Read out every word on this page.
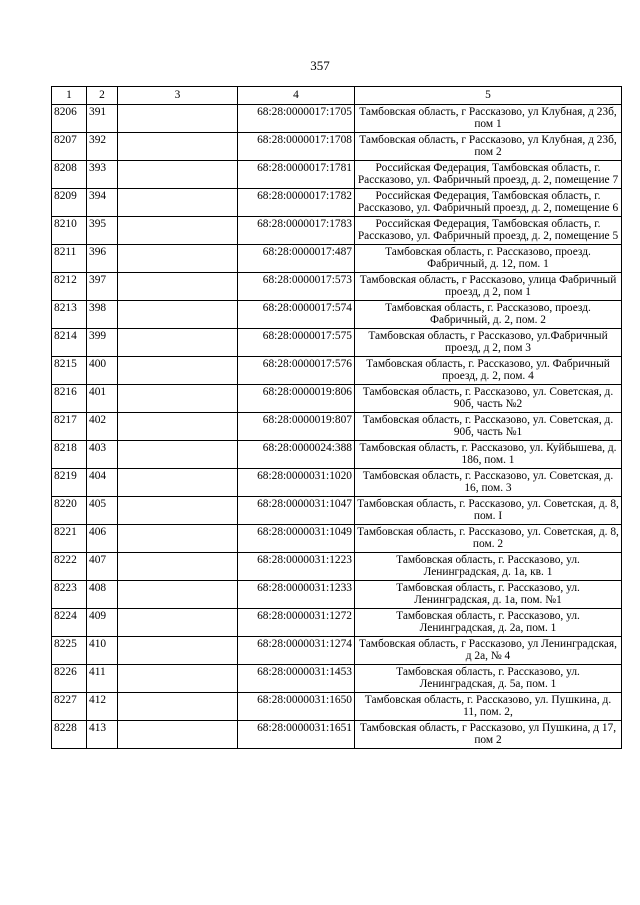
357
1	2	3	4	5
8206	391		68:28:0000017:1705	Тамбовская область, г Рассказово, ул Клубная, д 23б, пом 1
8207	392		68:28:0000017:1708	Тамбовская область, г Рассказово, ул Клубная, д 23б, пом 2
8208	393		68:28:0000017:1781	Российская Федерация, Тамбовская область, г. Рассказово, ул. Фабричный проезд, д. 2, помещение 7
8209	394		68:28:0000017:1782	Российская Федерация, Тамбовская область, г. Рассказово, ул. Фабричный проезд, д. 2, помещение 6
8210	395		68:28:0000017:1783	Российская Федерация, Тамбовская область, г. Рассказово, ул. Фабричный проезд, д. 2, помещение 5
8211	396		68:28:0000017:487	Тамбовская область, г. Рассказово, проезд. Фабричный, д. 12, пом. 1
8212	397		68:28:0000017:573	Тамбовская область, г Рассказово, улица Фабричный проезд, д 2, пом 1
8213	398		68:28:0000017:574	Тамбовская область, г. Рассказово, проезд. Фабричный, д. 2, пом. 2
8214	399		68:28:0000017:575	Тамбовская область, г Рассказово, ул.Фабричный проезд, д 2, пом 3
8215	400		68:28:0000017:576	Тамбовская область, г. Рассказово, ул. Фабричный проезд, д. 2, пом. 4
8216	401		68:28:0000019:806	Тамбовская область, г. Рассказово, ул. Советская, д. 90б, часть №2
8217	402		68:28:0000019:807	Тамбовская область, г. Рассказово, ул. Советская, д. 90б, часть №1
8218	403		68:28:0000024:388	Тамбовская область, г. Рассказово, ул. Куйбышева, д. 186, пом. 1
8219	404		68:28:0000031:1020	Тамбовская область, г. Рассказово, ул. Советская, д. 16, пом. 3
8220	405		68:28:0000031:1047	Тамбовская область, г. Рассказово, ул. Советская, д. 8, пом. I
8221	406		68:28:0000031:1049	Тамбовская область, г. Рассказово, ул. Советская, д. 8, пом. 2
8222	407		68:28:0000031:1223	Тамбовская область, г. Рассказово, ул. Ленинградская, д. 1а, кв. 1
8223	408		68:28:0000031:1233	Тамбовская область, г. Рассказово, ул. Ленинградская, д. 1а, пом. №1
8224	409		68:28:0000031:1272	Тамбовская область, г. Рассказово, ул. Ленинградская, д. 2а, пом. 1
8225	410		68:28:0000031:1274	Тамбовская область, г Рассказово, ул Ленинградская, д 2а, № 4
8226	411		68:28:0000031:1453	Тамбовская область, г. Рассказово, ул. Ленинградская, д. 5а, пом. 1
8227	412		68:28:0000031:1650	Тамбовская область, г. Рассказово, ул. Пушкина, д. 11, пом. 2,
8228	413		68:28:0000031:1651	Тамбовская область, г Рассказово, ул Пушкина, д 17, пом 2
